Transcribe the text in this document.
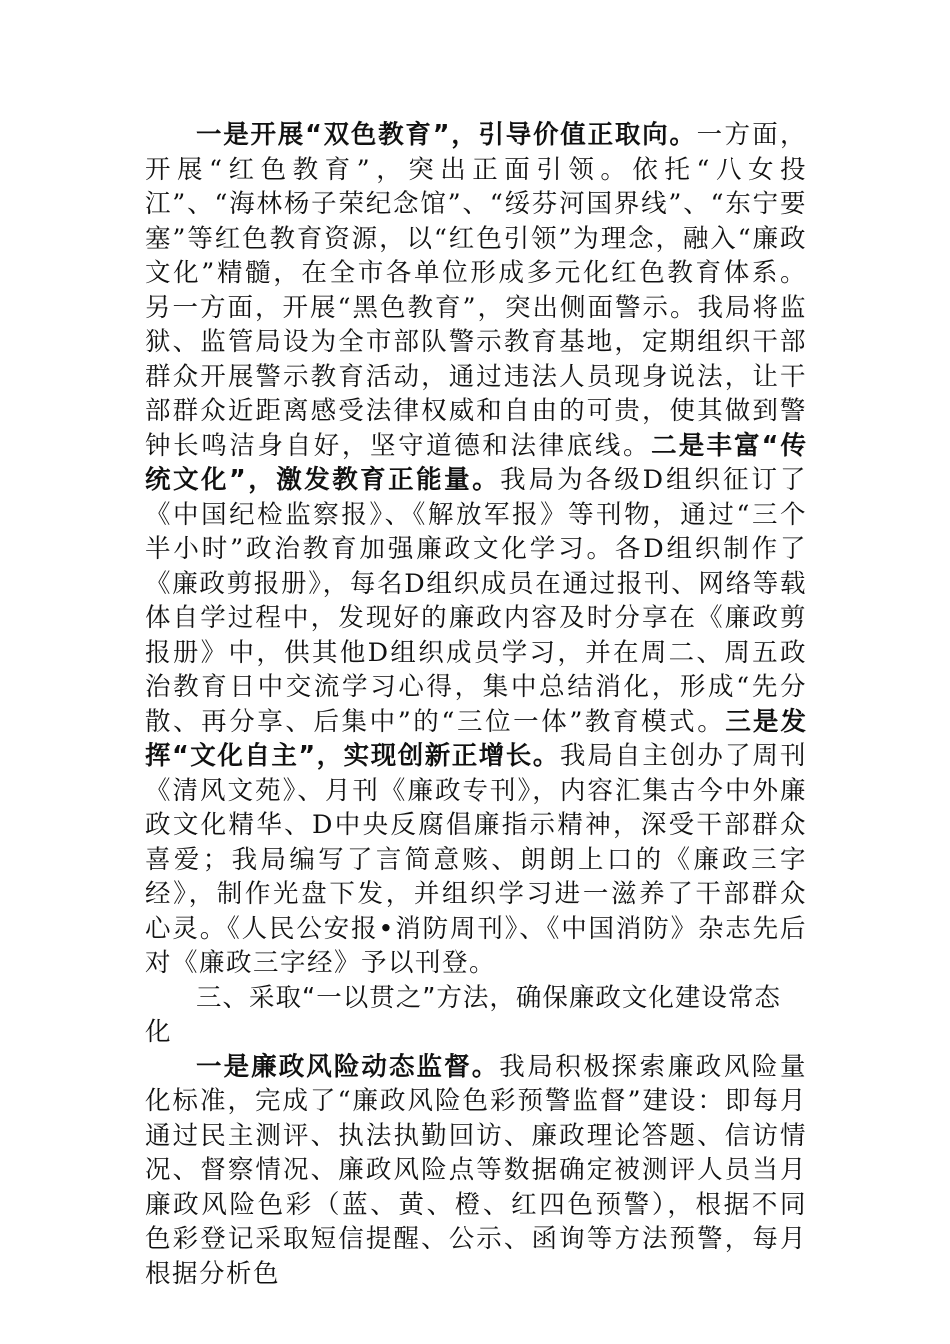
一是开展“双色教育”，引导价值正取向。一方面，开展“红色教育”，突出正面引领。依托“八女投江”、“海林杨子荣纪念馆”、“绥芬河国界线”、“东宁要塞”等红色教育资源，以“红色引领”为理念，融入“廉政文化”精髓，在全市各单位形成多元化红色教育体系。另一方面，开展“黑色教育”，突出侧面警示。我局将监狱、监管局设为全市部队警示教育基地，定期组织干部群众开展警示教育活动，通过违法人员现身说法，让干部群众近距离感受法律权威和自由的可贵，使其做到警钟长鸣洁身自好，坚守道德和法律底线。二是丰富“传统文化”，激发教育正能量。我局为各级D组织征订了《中国纪检监察报》、《解放军报》等刊物，通过“三个半小时”政治教育加强廉政文化学习。各D组织制作了《廉政剪报册》，每名D组织成员在通过报刊、网络等载体自学过程中，发现好的廉政内容及时分享在《廉政剪报册》中，供其他D组织成员学习，并在周二、周五政治教育日中交流学习心得，集中总结消化，形成“先分散、再分享、后集中”的“三位一体”教育模式。三是发挥“文化自主”，实现创新正增长。我局自主创办了周刊《清风文苑》、月刊《廉政专刊》，内容汇集古今中外廉政文化精华、D中央反腐倡廉指示精神，深受干部群众喜爱；我局编写了言简意赅、朗朗上口的《廉政三字经》，制作光盘下发，并组织学习进一滋养了干部群众心灵。《人民公安报•消防周刊》、《中国消防》杂志先后对《廉政三字经》予以刊登。

三、采取“一以贯之”方法，确保廉政文化建设常态化

一是廉政风险动态监督。我局积极探索廉政风险量化标准，完成了“廉政风险色彩预警监督”建设：即每月通过民主测评、执法执勤回访、廉政理论答题、信访情况、督察情况、廉政风险点等数据确定被测评人员当月廉政风险色彩（蓝、黄、橙、红四色预警），根据不同色彩登记采取短信提醒、公示、函询等方法预警，每月根据分析色
